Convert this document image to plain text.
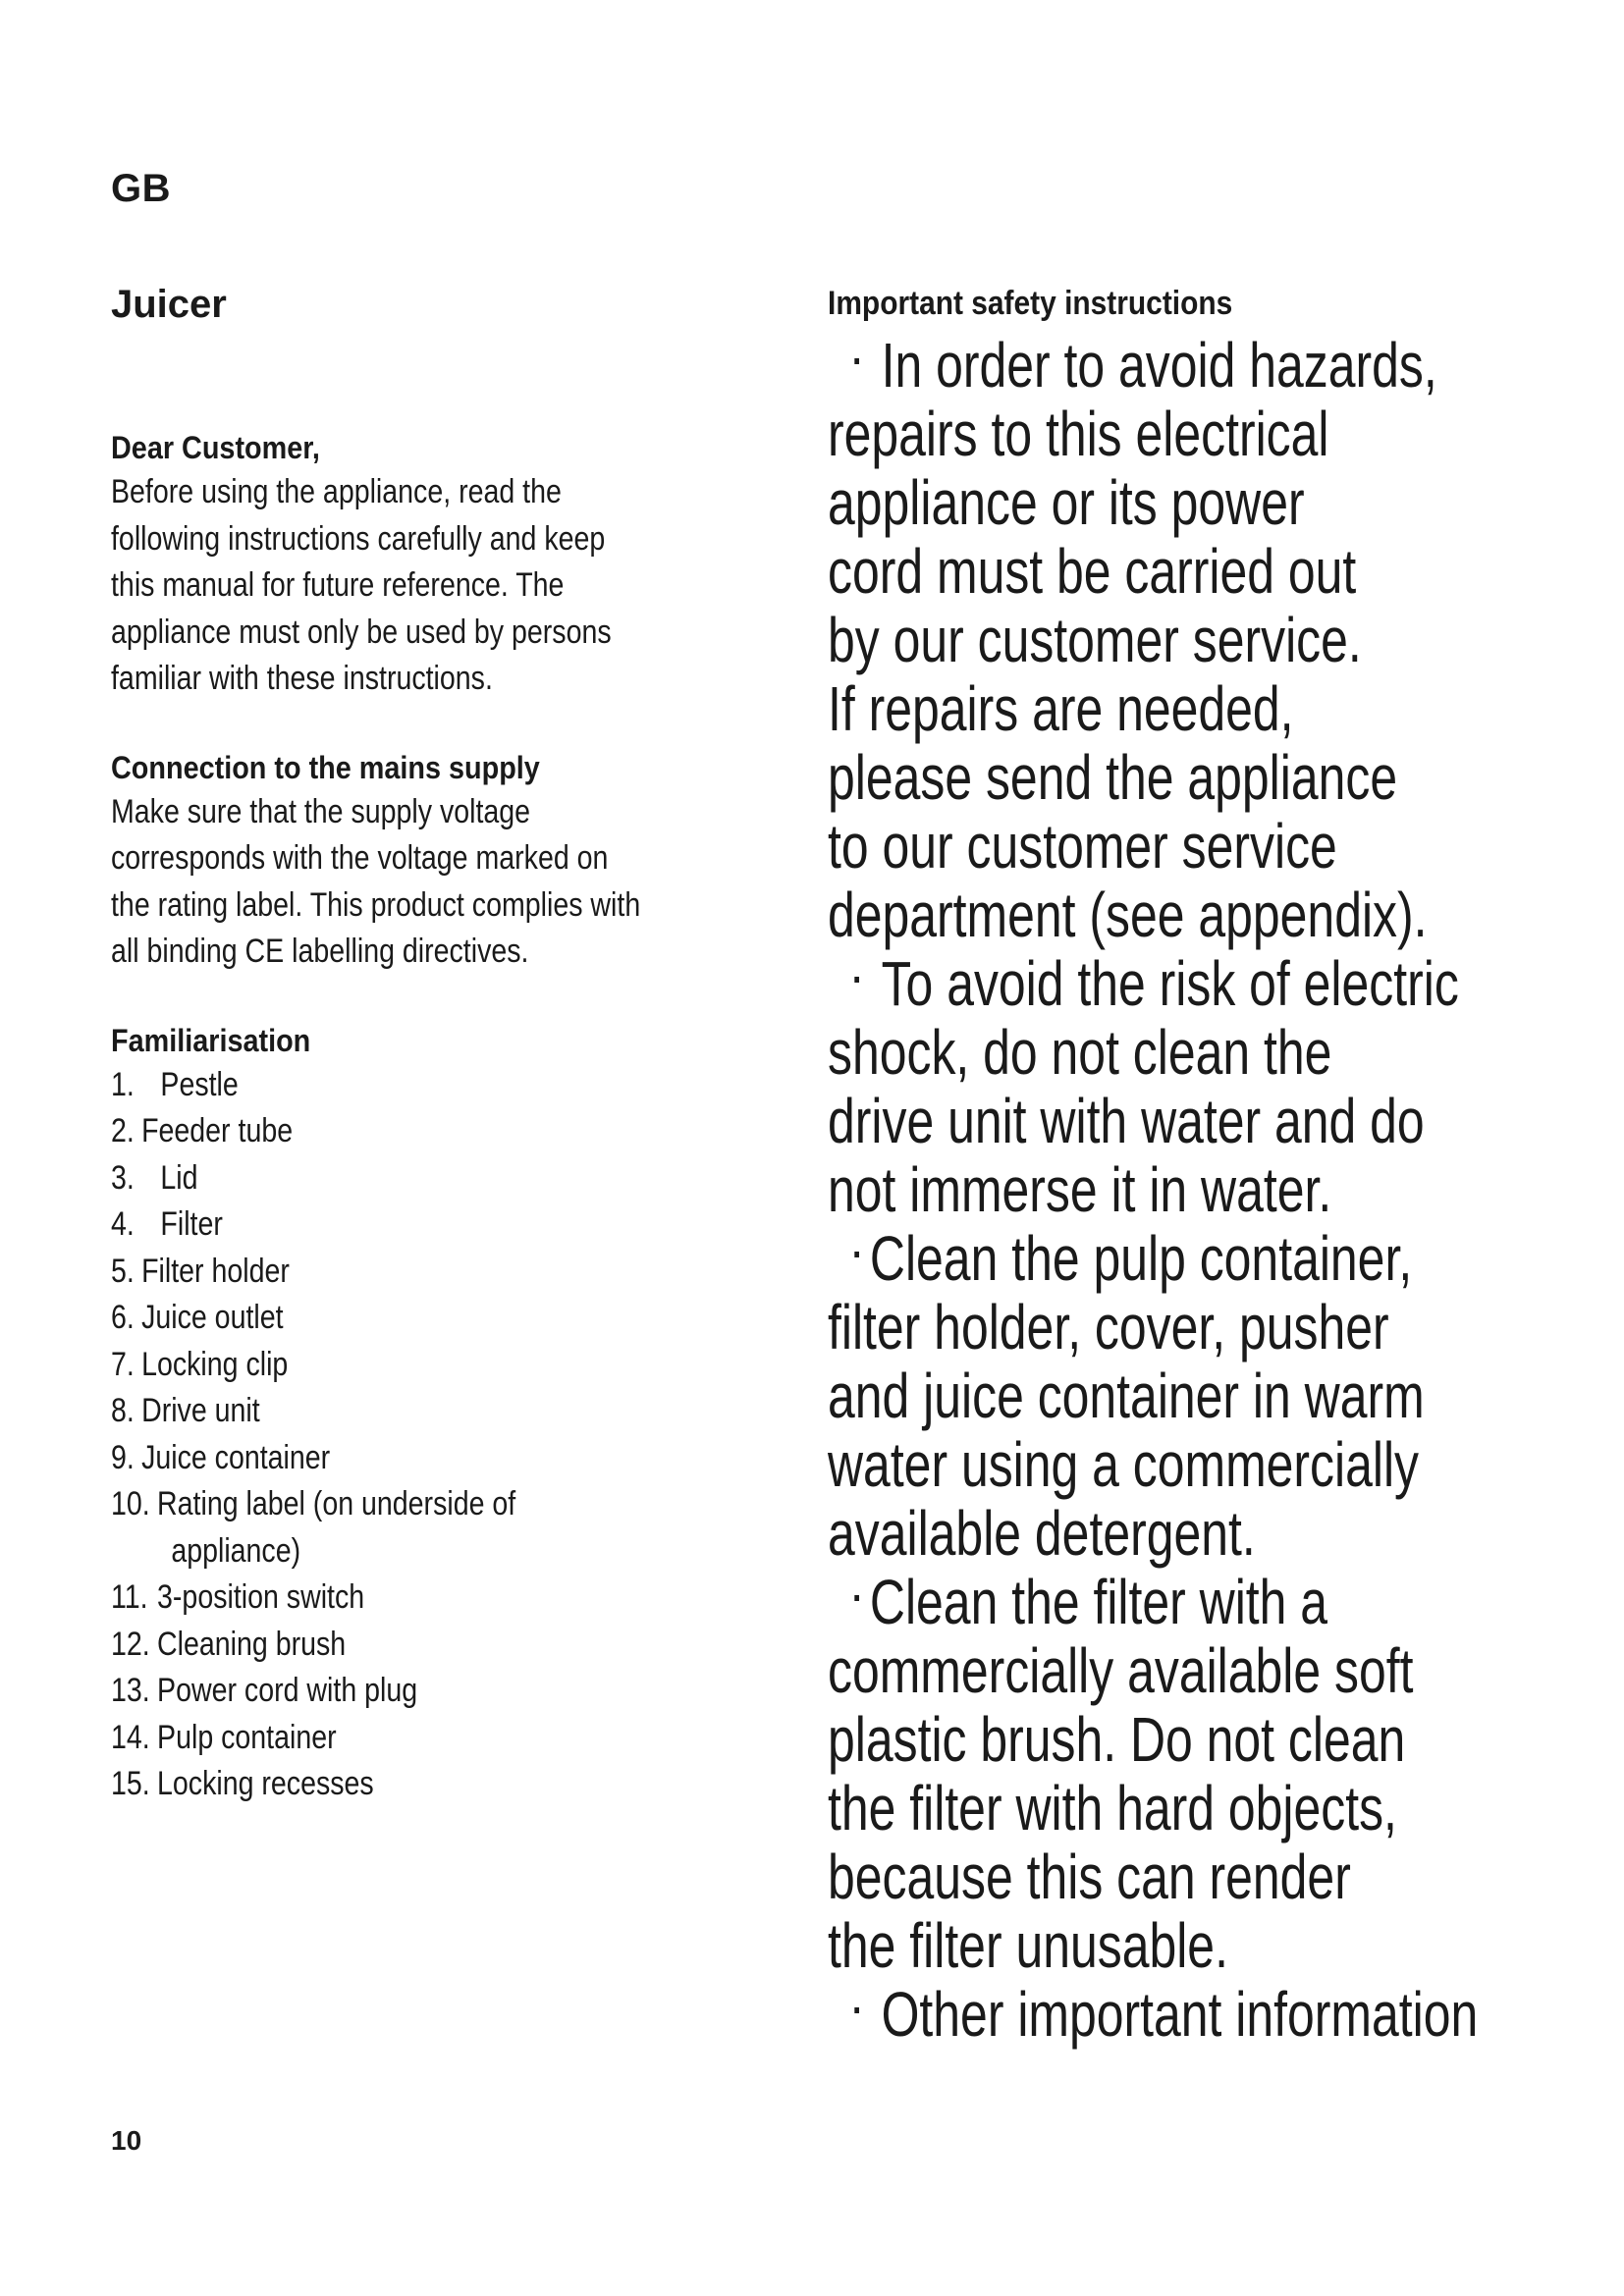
GB
Juicer

Dear Customer,

Before using the appliance, read the

following instructions carefully and keep

this manual for future reference. The

appliance must only be used by persons

familiar with these instructions.

Connection to the mains supply

Make sure that the supply voltage

corresponds with the voltage marked on

the rating label. This product complies with

all binding CE labelling directives.

Familiarisation

1. Pestle
2. Feeder tube
3. Lid
4. Filter
5. Filter holder
6. Juice outlet
7. Locking clip
8. Drive unit
9. Juice container
10. Rating label (on underside of
appliance)
11. 3-position switch
12. Cleaning brush
13. Power cord with plug
14. Pulp container
15. Locking recesses

Important safety instructions

In order to avoid hazards,

repairs to this electrical

appliance or its power

cord must be carried out

by our customer service.

If repairs are needed,

please send the appliance

to our customer service

department (see appendix).

To avoid the risk of electric

shock, do not clean the

drive unit with water and do

not immerse it in water.

Clean the pulp container,

filter holder, cover, pusher

and juice container in warm

water using a commercially

available detergent.

Clean the filter with a

commercially available soft

plastic brush. Do not clean

the filter with hard objects,

because this can render

the filter unusable.

Other important information

10
